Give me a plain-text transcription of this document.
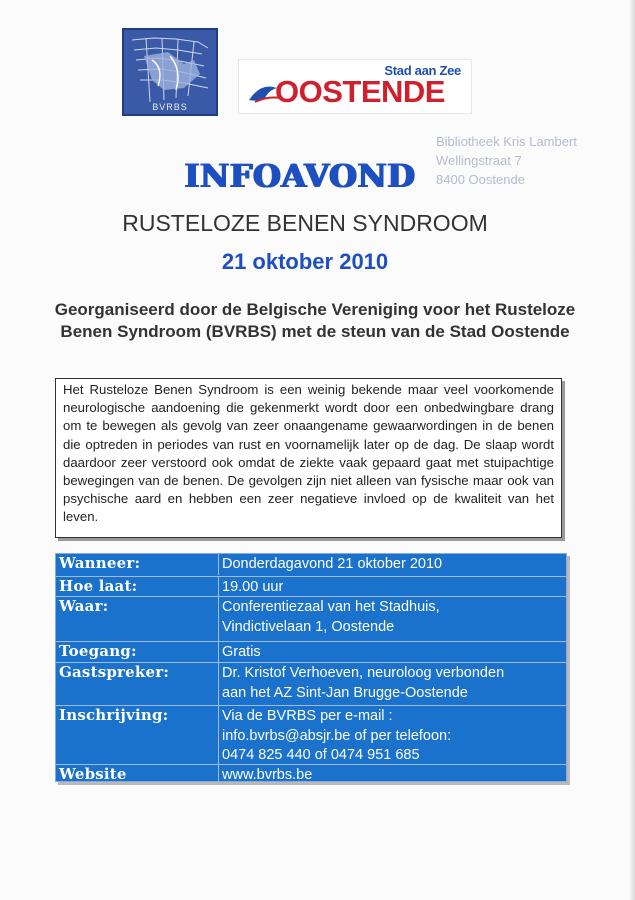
BVRBS
Stad aan Zee
OOSTENDE
Bibliotheek Kris Lambert
Wellingstraat 7
8400 Oostende
INFOAVOND
RUSTELOZE BENEN SYNDROOM
21 oktober 2010
Georganiseerd door de Belgische Vereniging voor het Rusteloze Benen Syndroom (BVRBS) met de steun van de Stad Oostende

Het Rusteloze Benen Syndroom is een weinig bekende maar veel voorkomende neurologische aandoening die gekenmerkt wordt door een onbedwingbare drang om te bewegen als gevolg van zeer onaangename gewaarwordingen in de benen die optreden in periodes van rust en voornamelijk later op de dag. De slaap wordt daardoor zeer verstoord ook omdat de ziekte vaak gepaard gaat met stuipachtige bewegingen van de benen. De gevolgen zijn niet alleen van fysische maar ook van psychische aard en hebben een zeer negatieve invloed op de kwaliteit van het leven.

Wanneer:	Donderdagavond 21 oktober 2010
Hoe laat:	19.00 uur
Waar:	Conferentiezaal van het Stadhuis,
Vindictivelaan 1, Oostende
Toegang:	Gratis
Gastspreker:	Dr. Kristof Verhoeven, neuroloog verbonden
aan het AZ Sint-Jan Brugge-Oostende
Inschrijving:	Via de BVRBS per e-mail :
info.bvrbs@absjr.be of per telefoon:
0474 825 440 of 0474 951 685
Website	www.bvrbs.be
